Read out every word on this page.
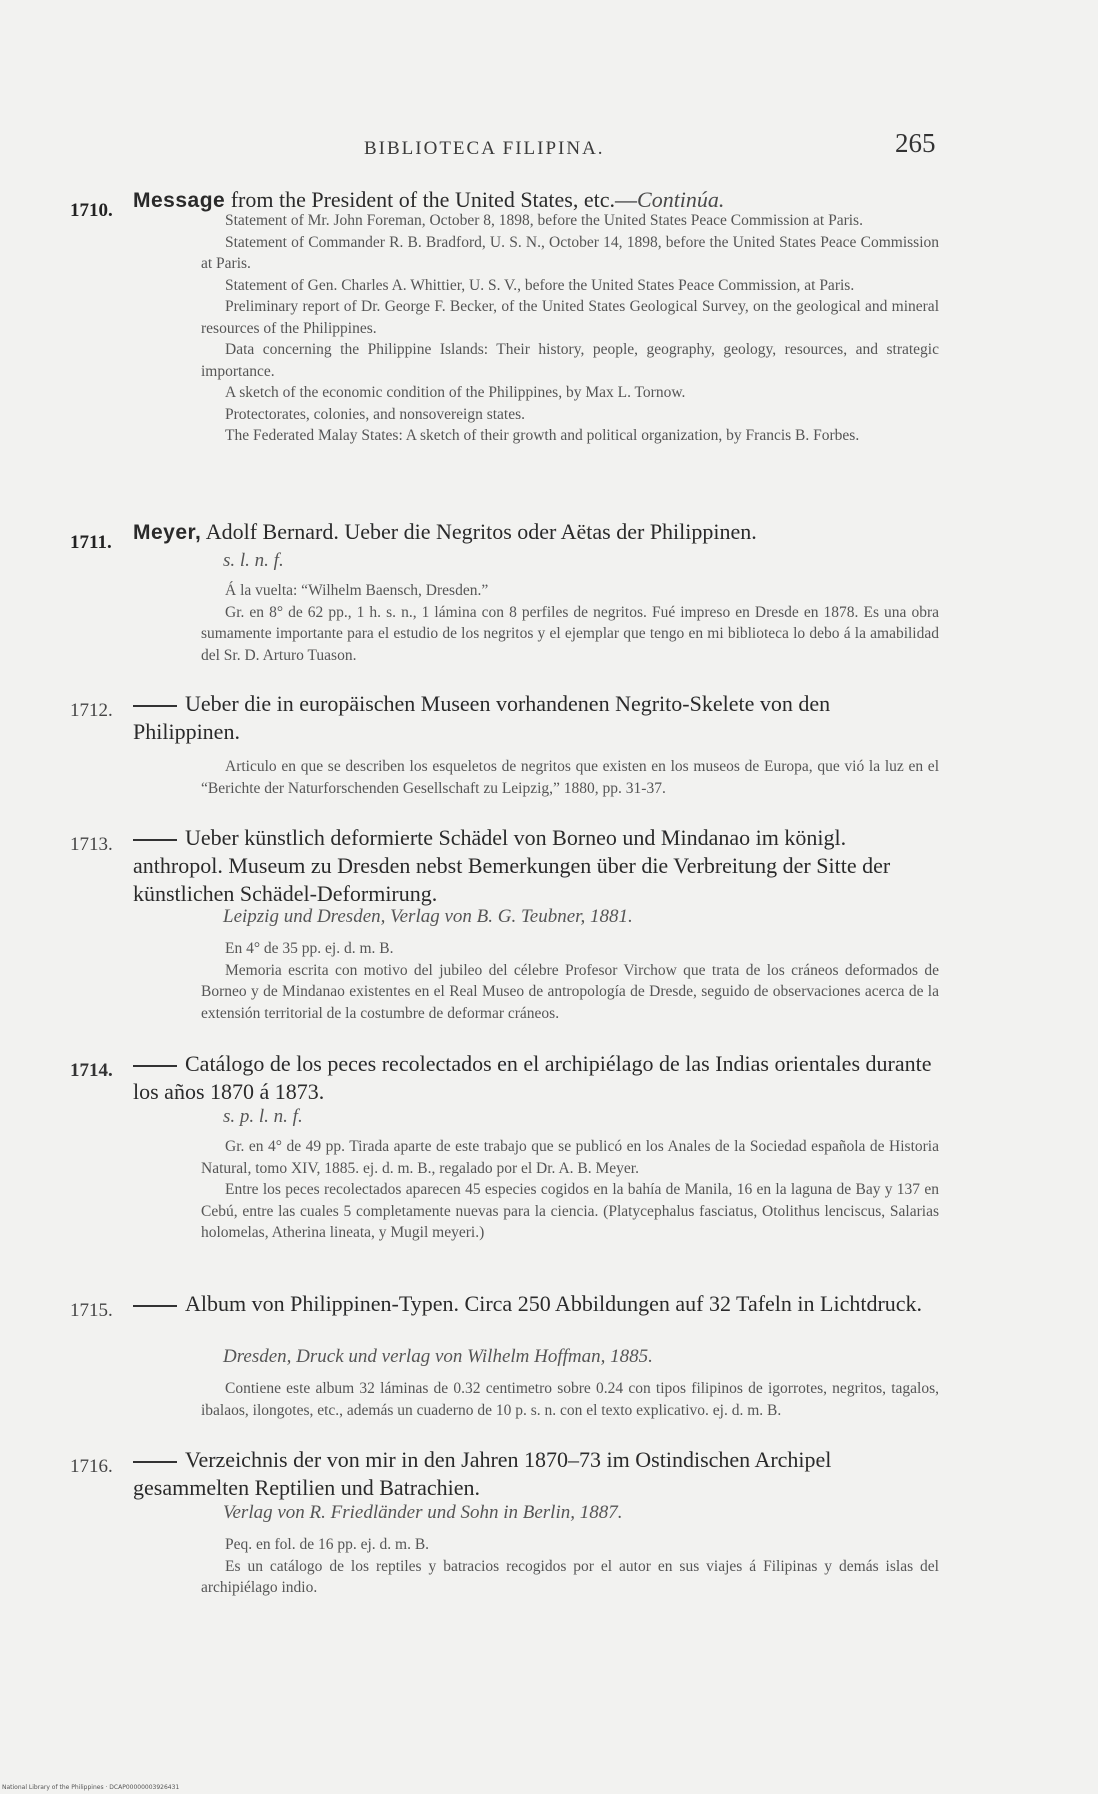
BIBLIOTECA FILIPINA.	265
1710. Message from the President of the United States, etc.—Continúa.

Statement of Mr. John Foreman, October 8, 1898, before the United States Peace Commission at Paris.

Statement of Commander R. B. Bradford, U. S. N., October 14, 1898, before the United States Peace Commission at Paris.

Statement of Gen. Charles A. Whittier, U. S. V., before the United States Peace Commission, at Paris.

Preliminary report of Dr. George F. Becker, of the United States Geological Survey, on the geological and mineral resources of the Philippines.

Data concerning the Philippine Islands: Their history, people, geography, geology, resources, and strategic importance.

A sketch of the economic condition of the Philippines, by Max L. Tornow.

Protectorates, colonies, and nonsovereign states.

The Federated Malay States: A sketch of their growth and political organization, by Francis B. Forbes.

1711. Meyer, Adolf Bernard. Ueber die Negritos oder Aëtas der Philippinen.
s. l. n. f.

Á la vuelta: “Wilhelm Baensch, Dresden.”

Gr. en 8° de 62 pp., 1 h. s. n., 1 lámina con 8 perfiles de negritos. Fué impreso en Dresde en 1878. Es una obra sumamente importante para el estudio de los negritos y el ejemplar que tengo en mi biblioteca lo debo á la amabilidad del Sr. D. Arturo Tuason.

1712.	Ueber die in europäischen Museen vorhandenen Negrito-Skelete von den Philippinen.

Articulo en que se describen los esqueletos de negritos que existen en los museos de Europa, que vió la luz en el “Berichte der Naturforschenden Gesellschaft zu Leipzig,” 1880, pp. 31-37.

1713.	Ueber künstlich deformierte Schädel von Borneo und Mindanao im königl. anthropol. Museum zu Dresden nebst Bemerkungen über die Verbreitung der Sitte der künstlichen Schädel-Deformirung.
Leipzig und Dresden, Verlag von B. G. Teubner, 1881.

En 4° de 35 pp. ej. d. m. B.

Memoria escrita con motivo del jubileo del célebre Profesor Virchow que trata de los cráneos deformados de Borneo y de Mindanao existentes en el Real Museo de antropología de Dresde, seguido de observaciones acerca de la extensión territorial de la costumbre de deformar cráneos.

1714.	Catálogo de los peces recolectados en el archipiélago de las Indias orientales durante los años 1870 á 1873.
s. p. l. n. f.

Gr. en 4° de 49 pp. Tirada aparte de este trabajo que se publicó en los Anales de la Sociedad española de Historia Natural, tomo XIV, 1885. ej. d. m. B., regalado por el Dr. A. B. Meyer.

Entre los peces recolectados aparecen 45 especies cogidos en la bahía de Manila, 16 en la laguna de Bay y 137 en Cebú, entre las cuales 5 completamente nuevas para la ciencia. (Platycephalus fasciatus, Otolithus lenciscus, Salarias holomelas, Atherina lineata, y Mugil meyeri.)

1715.	Album von Philippinen-Typen. Circa 250 Abbildungen auf 32 Tafeln in Lichtdruck.
Dresden, Druck und verlag von Wilhelm Hoffman, 1885.

Contiene este album 32 láminas de 0.32 centimetro sobre 0.24 con tipos filipinos de igorrotes, negritos, tagalos, ibalaos, ilongotes, etc., además un cuaderno de 10 p. s. n. con el texto explicativo. ej. d. m. B.

1716.	Verzeichnis der von mir in den Jahren 1870–73 im Ostindischen Archipel gesammelten Reptilien und Batrachien.
Verlag von R. Friedländer und Sohn in Berlin, 1887.

Peq. en fol. de 16 pp. ej. d. m. B.

Es un catálogo de los reptiles y batracios recogidos por el autor en sus viajes á Filipinas y demás islas del archipiélago indio.

National Library of the Philippines · DCAP00000003926431
